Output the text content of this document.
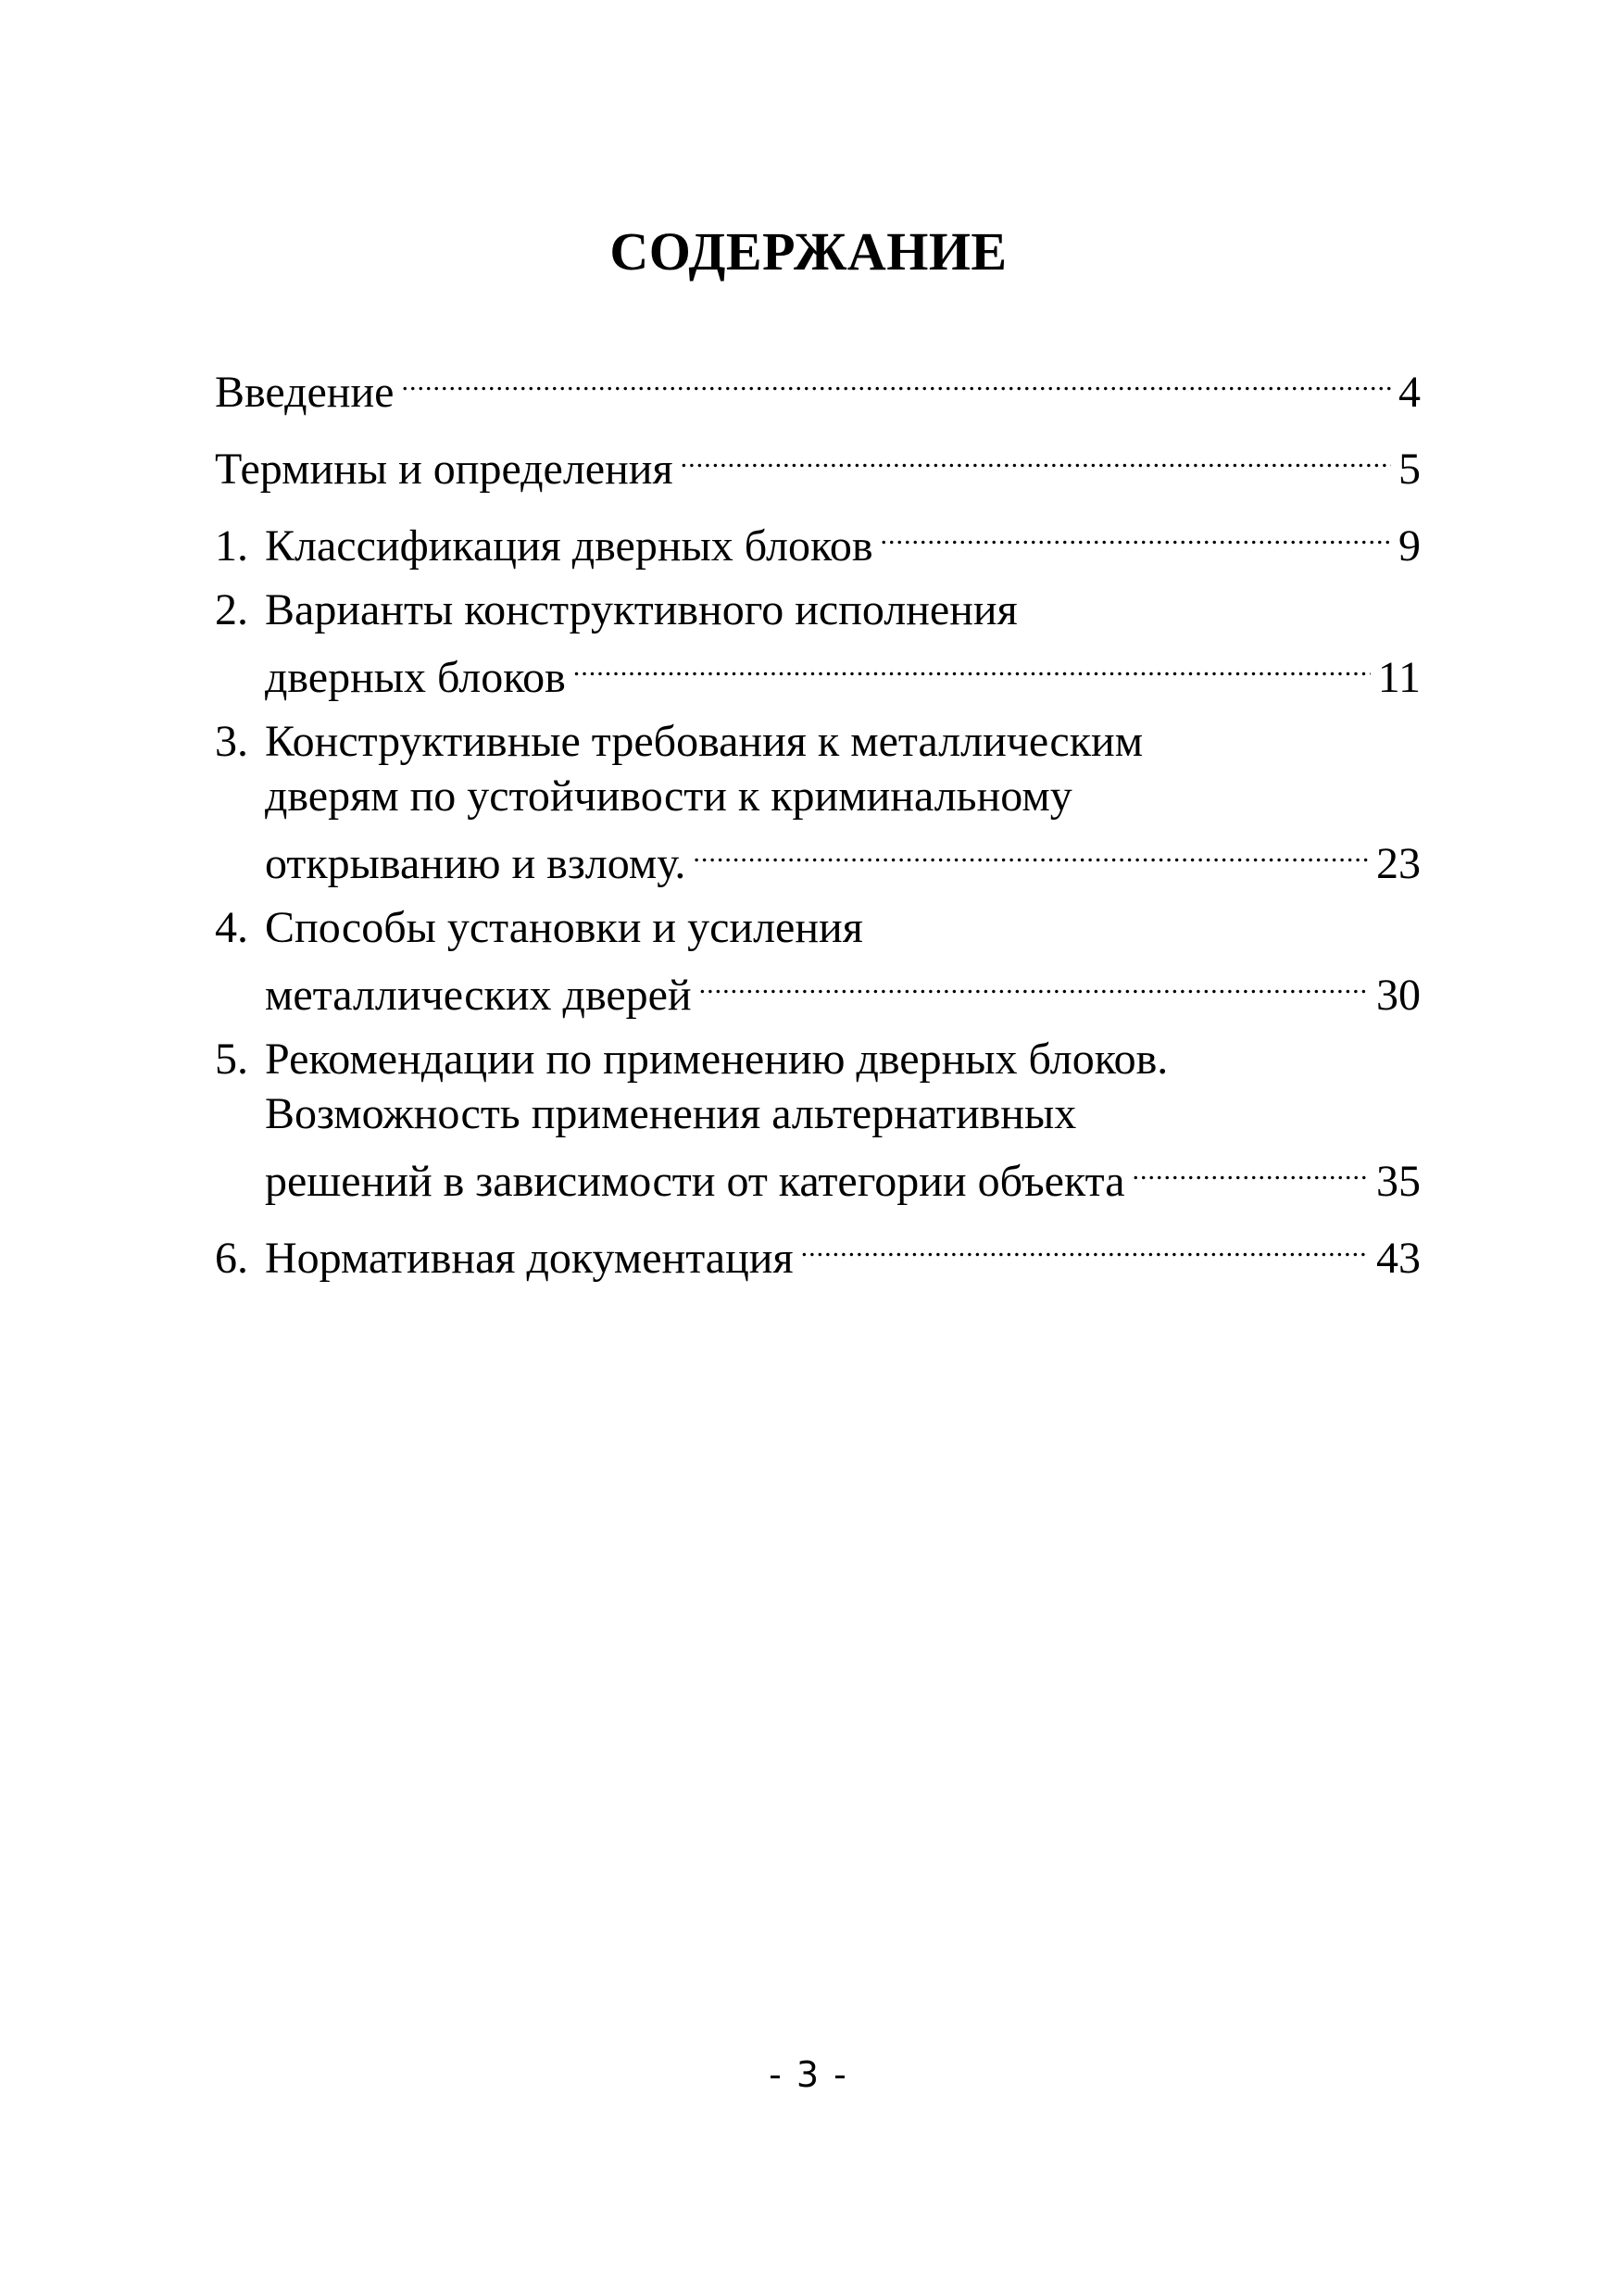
СОДЕРЖАНИЕ
Введение .....	4
Термины и определения .....	5
1. Классификация дверных блоков .....	9
2. Варианты конструктивного исполнения
дверных блоков .....	11
3. Конструктивные требования к металлическим
дверям по устойчивости к криминальному
открыванию и взлому. .....	23
4. Способы установки и усиления
металлических дверей .....	30
5. Рекомендации по применению дверных блоков.
Возможность применения альтернативных
решений в зависимости от категории объекта .....	35
6. Нормативная документация .....	43
- 3 -
